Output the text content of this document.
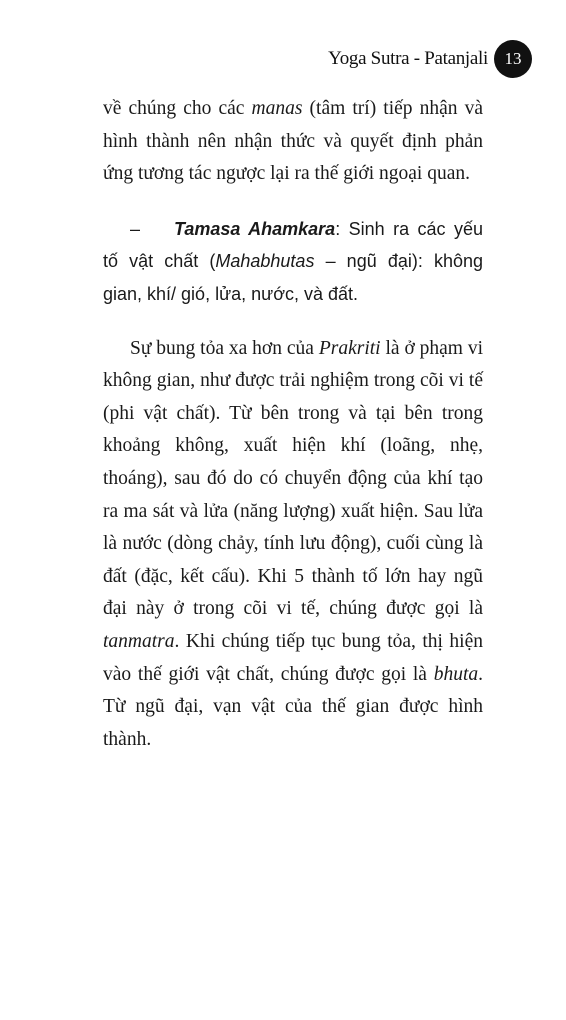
Yoga Sutra - Patanjali 13

về chúng cho các manas (tâm trí) tiếp nhận và hình thành nên nhận thức và quyết định phản ứng tương tác ngược lại ra thế giới ngoại quan.

– Tamasa Ahamkara: Sinh ra các yếu tố vật chất (Mahabhutas – ngũ đại): không gian, khí/ gió, lửa, nước, và đất.

Sự bung tỏa xa hơn của Prakriti là ở phạm vi không gian, như được trải nghiệm trong cõi vi tế (phi vật chất). Từ bên trong và tại bên trong khoảng không, xuất hiện khí (loãng, nhẹ, thoáng), sau đó do có chuyển động của khí tạo ra ma sát và lửa (năng lượng) xuất hiện. Sau lửa là nước (dòng chảy, tính lưu động), cuối cùng là đất (đặc, kết cấu). Khi 5 thành tố lớn hay ngũ đại này ở trong cõi vi tế, chúng được gọi là tanmatra. Khi chúng tiếp tục bung tỏa, thị hiện vào thế giới vật chất, chúng được gọi là bhuta. Từ ngũ đại, vạn vật của thế gian được hình thành.
